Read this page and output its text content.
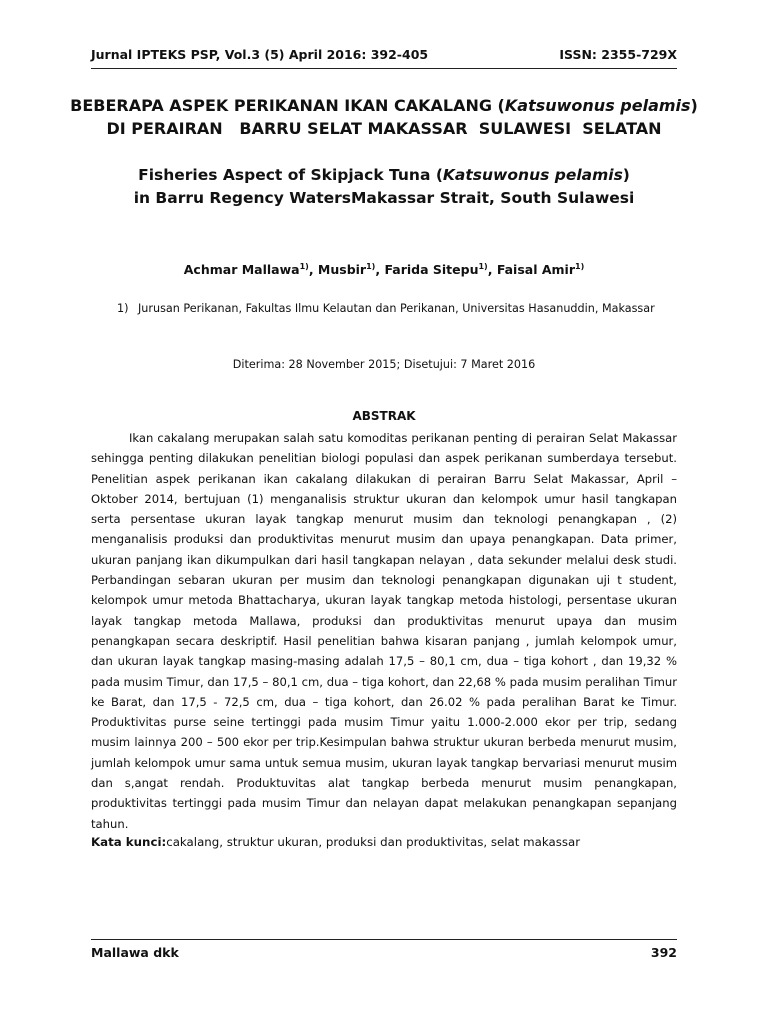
Jurnal IPTEKS PSP, Vol.3 (5) April 2016: 392-405	ISSN: 2355-729X
BEBERAPA ASPEK PERIKANAN IKAN CAKALANG (Katsuwonus pelamis)
DI PERAIRAN   BARRU SELAT MAKASSAR  SULAWESI  SELATAN
Fisheries Aspect of Skipjack Tuna (Katsuwonus pelamis)
in Barru Regency WatersMakassar Strait, South Sulawesi
Achmar Mallawa$^{1)}$, Musbir$^{1)}$, Farida Sitepu$^{1)}$, Faisal Amir$^{1)}$
1) Jurusan Perikanan, Fakultas Ilmu Kelautan dan Perikanan, Universitas Hasanuddin, Makassar
Diterima: 28 November 2015; Disetujui: 7 Maret 2016
ABSTRAK

Ikan cakalang merupakan salah satu komoditas perikanan penting di perairan Selat Makassar sehingga penting dilakukan penelitian biologi populasi dan aspek perikanan sumberdaya tersebut. Penelitian aspek perikanan ikan cakalang dilakukan di perairan Barru Selat Makassar, April – Oktober 2014, bertujuan (1) menganalisis struktur ukuran dan kelompok umur hasil tangkapan serta persentase ukuran layak tangkap menurut musim dan teknologi penangkapan , (2) menganalisis produksi dan produktivitas menurut musim dan upaya penangkapan. Data primer, ukuran panjang ikan dikumpulkan dari hasil tangkapan nelayan , data sekunder melalui desk studi. Perbandingan sebaran ukuran per musim dan teknologi penangkapan digunakan uji t student, kelompok umur metoda Bhattacharya, ukuran layak tangkap metoda histologi, persentase ukuran layak tangkap metoda Mallawa, produksi dan produktivitas menurut upaya dan musim penangkapan secara deskriptif. Hasil penelitian bahwa kisaran panjang , jumlah kelompok umur, dan ukuran layak tangkap masing-masing adalah 17,5 – 80,1 cm, dua – tiga kohort , dan 19,32 % pada musim Timur, dan 17,5 – 80,1 cm, dua – tiga kohort, dan 22,68 % pada musim peralihan Timur ke Barat, dan 17,5 - 72,5 cm, dua – tiga kohort, dan 26.02 % pada peralihan Barat ke Timur. Produktivitas purse seine tertinggi pada musim Timur yaitu 1.000-2.000 ekor per trip, sedang musim lainnya 200 – 500 ekor per trip.Kesimpulan bahwa struktur ukuran berbeda menurut musim, jumlah kelompok umur sama untuk semua musim, ukuran layak tangkap bervariasi menurut musim dan s,angat rendah. Produktuvitas alat tangkap berbeda menurut musim penangkapan, produktivitas tertinggi pada musim Timur dan nelayan dapat melakukan penangkapan sepanjang tahun.

Kata kunci:cakalang, struktur ukuran, produksi dan produktivitas, selat makassar
Mallawa dkk	392
